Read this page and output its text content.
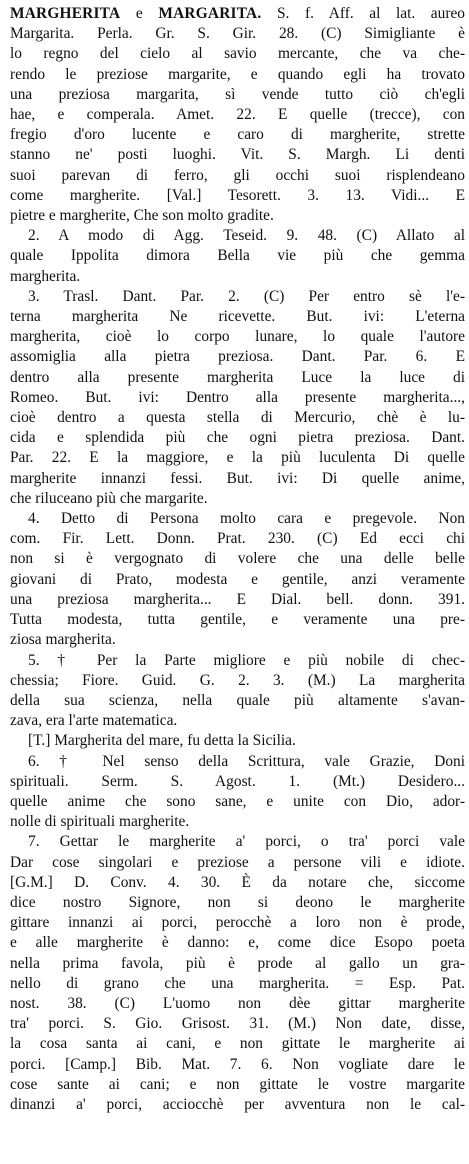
MARGHERITA e MARGARITA. S. f. Aff. al lat. aureo
Margarita. Perla. Gr. S. Gir. 28. (C) Simigliante è
lo regno del cielo al savio mercante, che va che-
rendo le preziose margarite, e quando egli ha trovato
una preziosa margarita, sì vende tutto ciò ch'egli
hae, e comperala. Amet. 22. E quelle (trecce), con
fregio d'oro lucente e caro di margherite, strette
stanno ne' posti luoghi. Vit. S. Margh. Li denti
suoi parevan di ferro, gli occhi suoi risplendeano
come margherite. [Val.] Tesorett. 3. 13. Vidi... E
pietre e margherite, Che son molto gradite.
2. A modo di Agg. Teseid. 9. 48. (C) Allato al
quale Ippolita dimora Bella vie più che gemma
margherita.
3. Trasl. Dant. Par. 2. (C) Per entro sè l'e-
terna margherita Ne ricevette. But. ivi: L'eterna
margherita, cioè lo corpo lunare, lo quale l'autore
assomiglia alla pietra preziosa. Dant. Par. 6. E
dentro alla presente margherita Luce la luce di
Romeo. But. ivi: Dentro alla presente margherita...,
cioè dentro a questa stella di Mercurio, chè è lu-
cida e splendida più che ogni pietra preziosa. Dant.
Par. 22. E la maggiore, e la più luculenta Di quelle
margherite innanzi fessi. But. ivi: Di quelle anime,
che riluceano più che margarite.
4. Detto di Persona molto cara e pregevole. Non
com. Fir. Lett. Donn. Prat. 230. (C) Ed ecci chi
non si è vergognato di volere che una delle belle
giovani di Prato, modesta e gentile, anzi veramente
una preziosa margherita... E Dial. bell. donn. 391.
Tutta modesta, tutta gentile, e veramente una pre-
ziosa margherita.
5. † Per la Parte migliore e più nobile di chec-
chessia; Fiore. Guid. G. 2. 3. (M.) La margherita
della sua scienza, nella quale più altamente s'avan-
zava, era l'arte matematica.
[T.] Margherita del mare, fu detta la Sicilia.
6. † Nel senso della Scrittura, vale Grazie, Doni
spirituali. Serm. S. Agost. 1. (Mt.) Desidero...
quelle anime che sono sane, e unite con Dio, ador-
nolle di spirituali margherite.
7. Gettar le margherite a' porci, o tra' porci vale
Dar cose singolari e preziose a persone vili e idiote.
[G.M.] D. Conv. 4. 30. È da notare che, siccome
dice nostro Signore, non si deono le margherite
gittare innanzi ai porci, perocchè a loro non è prode,
e alle margherite è danno: e, come dice Esopo poeta
nella prima favola, più è prode al gallo un gra-
nello di grano che una margherita. = Esp. Pat.
nost. 38. (C) L'uomo non dèe gittar margherite
tra' porci. S. Gio. Grisost. 31. (M.) Non date, disse,
la cosa santa ai cani, e non gittate le margherite ai
porci. [Camp.] Bib. Mat. 7. 6. Non vogliate dare le
cose sante ai cani; e non gittate le vostre margarite
dinanzi a' porci, acciocchè per avventura non le cal-
